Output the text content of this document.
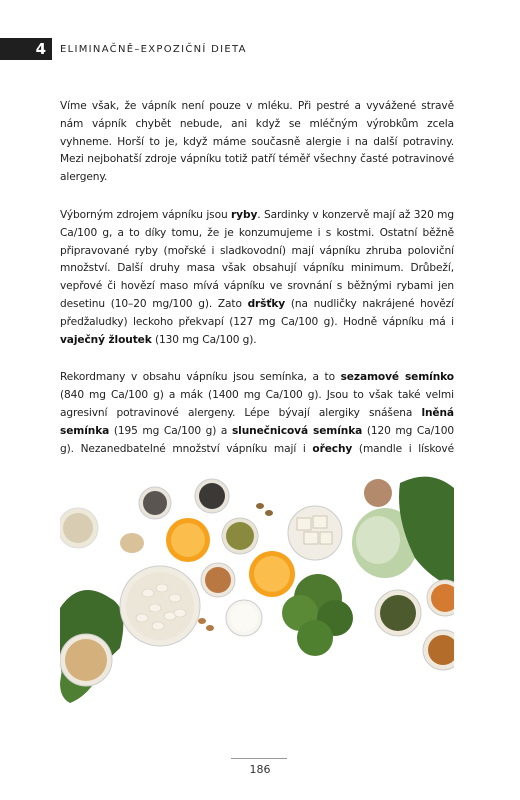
4	ELIMINAČNĚ–EXPOZIČNÍ DIETA

Víme však, že vápník není pouze v mléku. Při pestré a vyvážené stravě nám vápník chybět nebude, ani když se mléčným výrobkům zcela vyhneme. Horší to je, když máme současně alergie i na další potraviny. Mezi nejbohatší zdroje vápníku totiž patří téměř všechny časté potravinové alergeny.

Výborným zdrojem vápníku jsou ryby. Sardinky v konzervě mají až 320 mg Ca/100 g, a to díky tomu, že je konzumujeme i s kostmi. Ostatní běžně připravované ryby (mořské i sladkovodní) mají vápníku zhruba poloviční množství. Další druhy masa však obsahují vápníku minimum. Drůbeží, vepřové či hovězí maso mívá vápníku ve srovnání s běžnými rybami jen desetinu (10–20 mg/100 g). Zato dršťky (na nudličky nakrájené hovězí předžaludky) leckoho překvapí (127 mg Ca/100 g). Hodně vápníku má i vaječný žloutek (130 mg Ca/100 g).

Rekordmany v obsahu vápníku jsou semínka, a to sezamové semínko (840 mg Ca/100 g) a mák (1400 mg Ca/100 g). Jsou to však také velmi agresivní potravinové alergeny. Lépe bývají alergiky snášena lněná semínka (195 mg Ca/100 g) a slunečnicová semínka (120 mg Ca/100 g). Nezanedbatelné množství vápníku mají i ořechy (mandle i lískové

186
